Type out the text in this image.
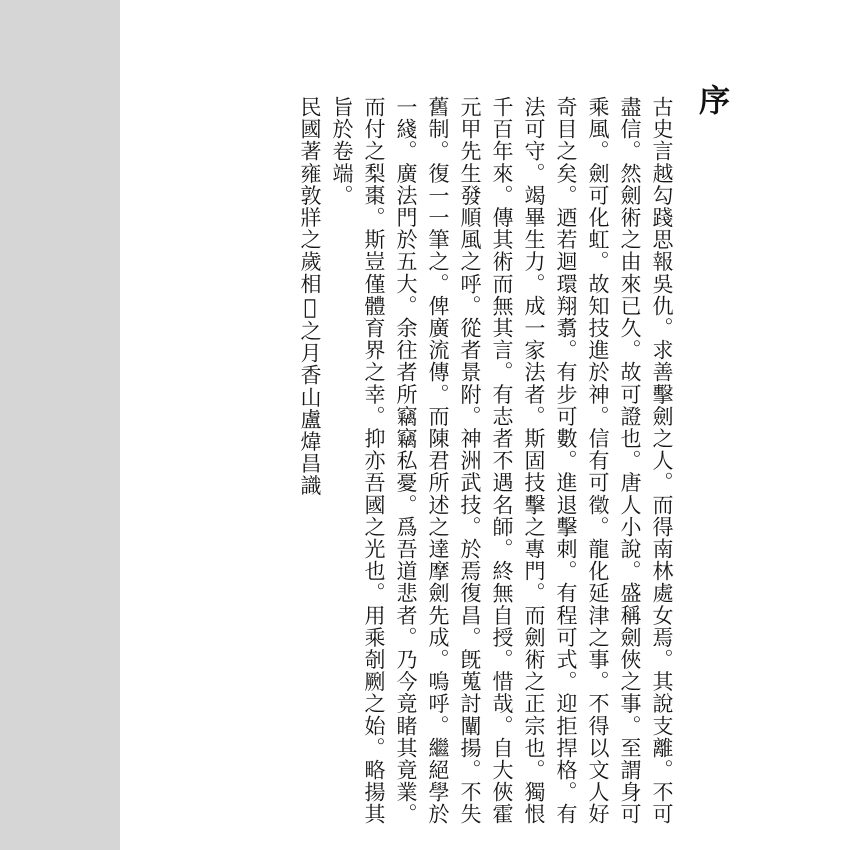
序

古史言越勾踐思報吳仇。求善擊劍之人。而得南林處女焉。其說支離。不可盡信。然劍術之由來已久。故可證也。唐人小說。盛稱劍俠之事。至謂身可乘風。劍可化虹。故知技進於神。信有可徵。龍化延津之事。不得以文人好奇目之矣。迺若迴環翔翥。有步可數。進退擊刺。有程可式。迎拒捍格。有法可守。竭畢生力。成一家法者。斯固技擊之專門。而劍術之正宗也。獨恨千百年來。傳其術而無其言。有志者不遇名師。終無自授。惜哉。自大俠霍元甲先生發順風之呼。從者景附。神洲武技。於焉復昌。旣蒐討闡揚。不失舊制。復一一筆之。俾廣流傳。而陳君所述之達摩劍先成。嗚呼。繼絕學於一綫。廣法門於五大。余往者所竊竊私憂。爲吾道悲者。乃今竟睹其竟業。而付之梨棗。斯豈僅體育界之幸。抑亦吾國之光也。用乘剞劂之始。略揚其旨於卷端。

民國著雍敦牂之歲相𤍑之月香山盧煒昌識
